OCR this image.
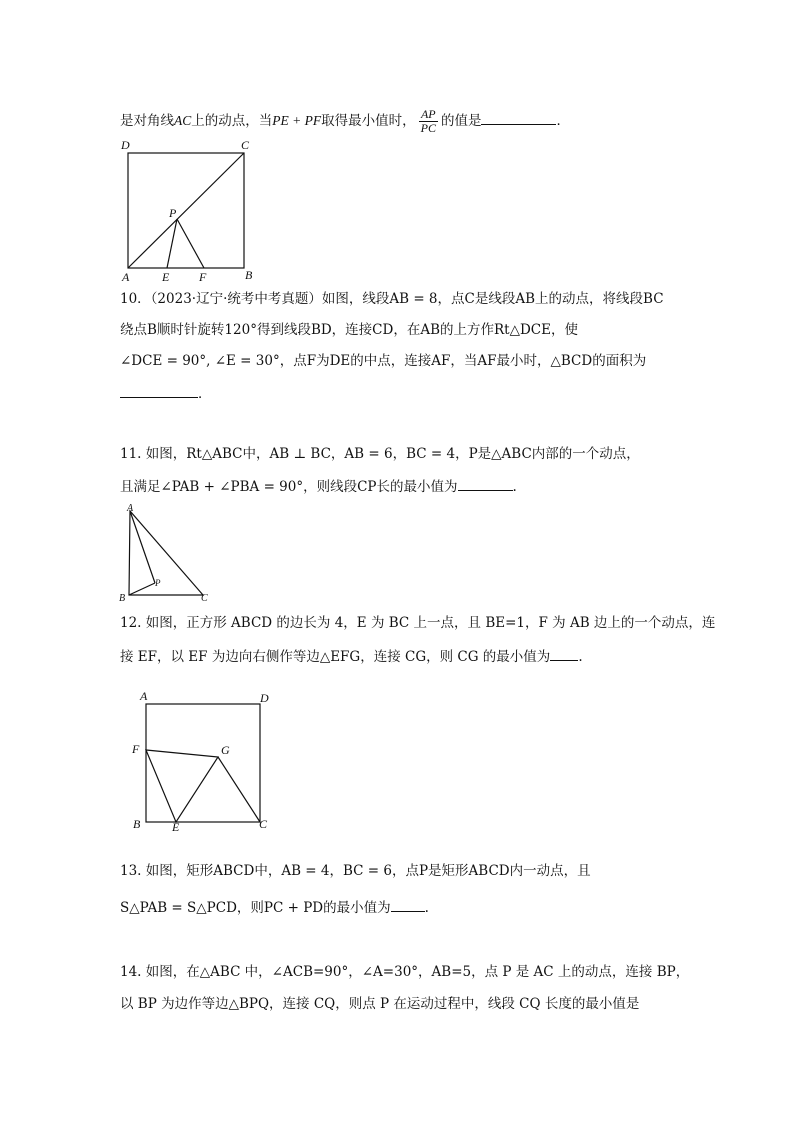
是对角线AC上的动点，当PE + PF取得最小值时， $\frac{AP}{PC}$ 的值是	．
D	C
P
A	E F	B
10．（2023·辽宁·统考中考真题）如图，线段AB = 8，点C是线段AB上的动点，将线段BC
绕点B顺时针旋转120°得到线段BD，连接CD，在AB的上方作Rt△DCE，使
∠DCE = 90°, ∠E = 30°，点F为DE的中点，连接AF，当AF最小时，△BCD的面积为
．
11. 如图，Rt△ABC中，AB ⊥ BC，AB = 6，BC = 4，P是△ABC内部的一个动点，
且满足∠PAB + ∠PBA = 90°，则线段CP长的最小值为	.
A
B	C
P
12. 如图，正方形 ABCD 的边长为 4，E 为 BC 上一点，且 BE=1，F 为 AB 边上的一个动点，连
接 EF，以 EF 为边向右侧作等边△EFG，连接 CG，则 CG 的最小值为 .
A	D
F	G
B	E	C
13. 如图，矩形ABCD中，AB = 4，BC = 6，点P是矩形ABCD内一动点，且
S△PAB = S△PCD，则PC + PD的最小值为	.
14. 如图，在△ABC 中，∠ACB=90°，∠A=30°，AB=5，点 P 是 AC 上的动点，连接 BP，
以 BP 为边作等边△BPQ，连接 CQ，则点 P 在运动过程中，线段 CQ 长度的最小值是
